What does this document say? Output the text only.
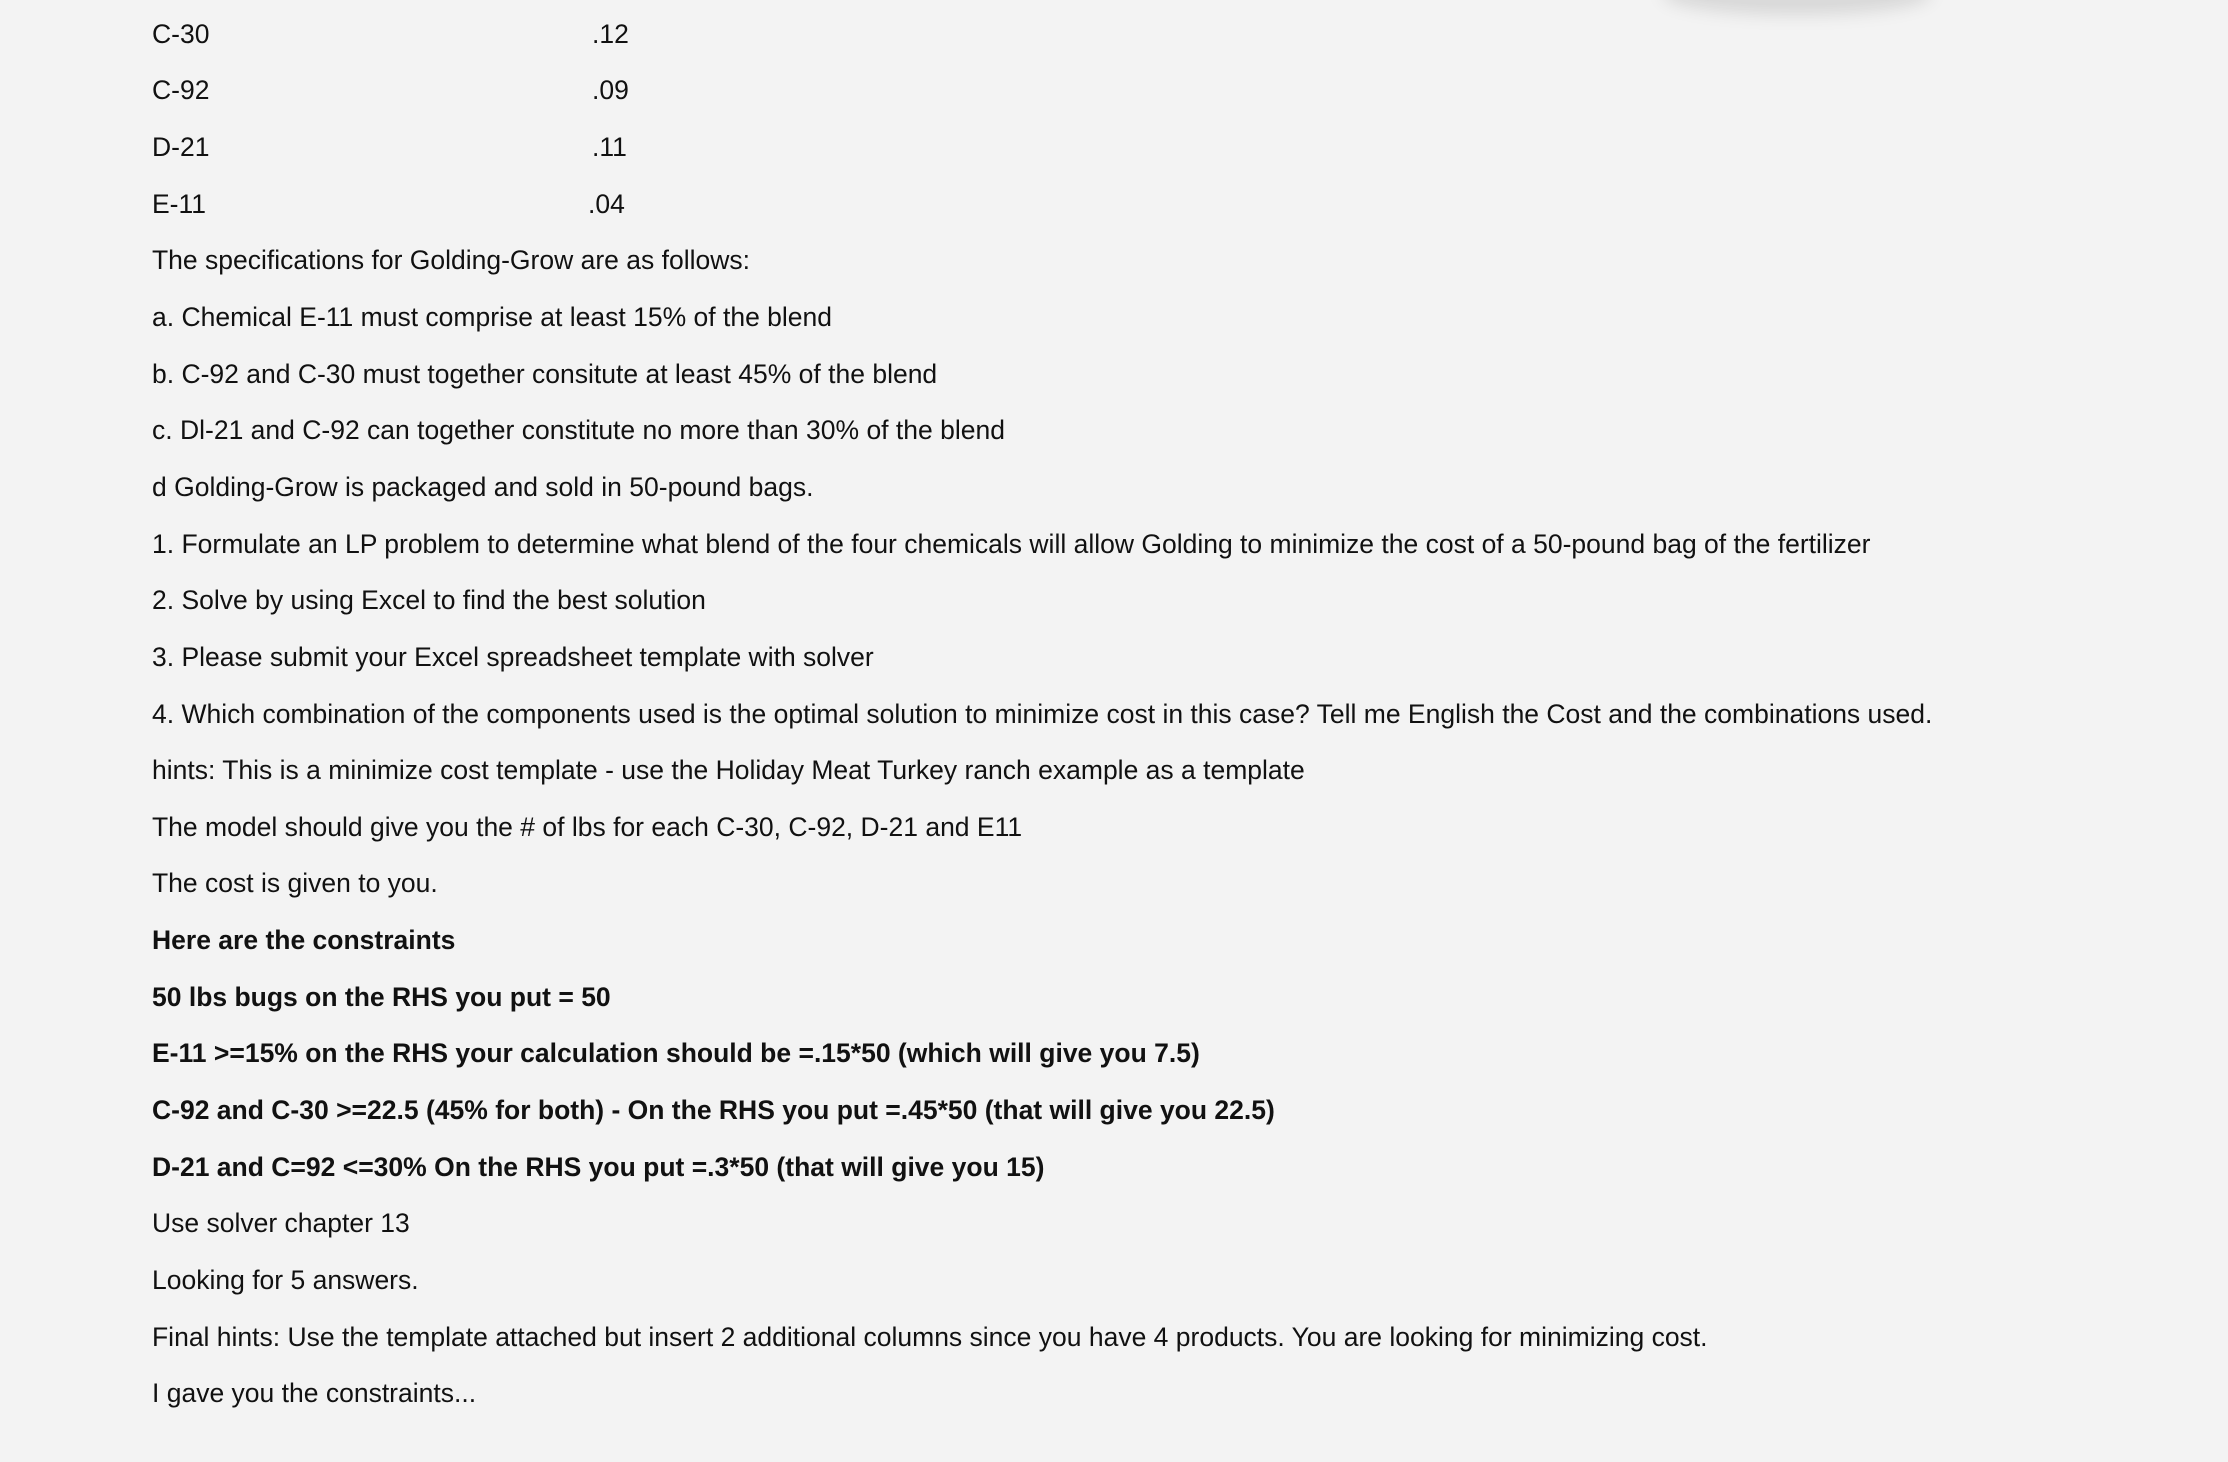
C-30	.12
C-92	.09
D-21	.11
E-11	.04
The specifications for Golding-Grow are as follows:
a. Chemical E-11 must comprise at least 15% of the blend
b. C-92 and C-30 must together consitute at least 45% of the blend
c. Dl-21 and C-92 can together constitute no more than 30% of the blend
d Golding-Grow is packaged and sold in 50-pound bags.
1. Formulate an LP problem to determine what blend of the four chemicals will allow Golding to minimize the cost of a 50-pound bag of the fertilizer
2. Solve by using Excel to find the best solution
3. Please submit your Excel spreadsheet template with solver
4. Which combination of the components used is the optimal solution to minimize cost in this case? Tell me English the Cost and the combinations used.
hints: This is a minimize cost template - use the Holiday Meat Turkey ranch example as a template
The model should give you the # of lbs for each C-30, C-92, D-21 and E11
The cost is given to you.
Here are the constraints
50 lbs bugs on the RHS you put = 50
E-11 >=15% on the RHS your calculation should be =.15*50 (which will give you 7.5)
C-92 and C-30 >=22.5 (45% for both) - On the RHS you put =.45*50 (that will give you 22.5)
D-21 and C=92 <=30% On the RHS you put =.3*50 (that will give you 15)
Use solver chapter 13
Looking for 5 answers.
Final hints: Use the template attached but insert 2 additional columns since you have 4 products. You are looking for minimizing cost.
I gave you the constraints...
